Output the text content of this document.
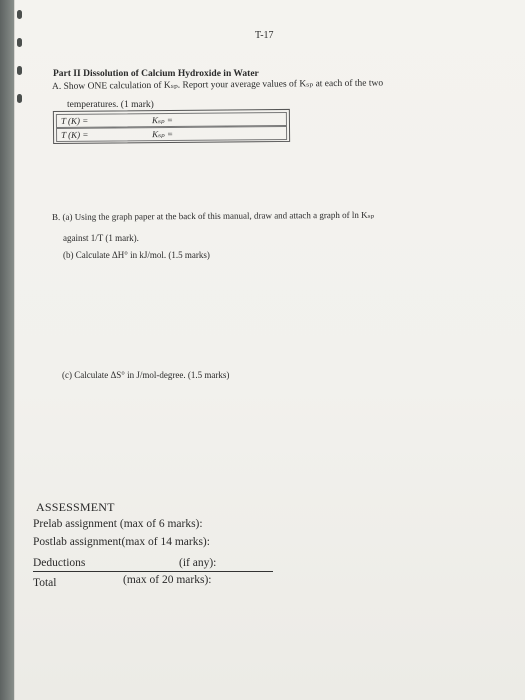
T-17
Part II Dissolution of Calcium Hydroxide in Water
A. Show ONE calculation of Kₛₚ. Report your average values of Kₛₚ at each of the two
temperatures. (1 mark)
T (K) =	Kₛₚ =
T (K) =	Kₛₚ =
B. (a) Using the graph paper at the back of this manual, draw and attach a graph of ln Kₛₚ
against 1/T (1 mark).
(b) Calculate ΔH° in kJ/mol. (1.5 marks)
(c) Calculate ΔS° in J/mol-degree. (1.5 marks)
ASSESSMENT
Prelab assignment (max of 6 marks):
Postlab assignment(max of 14 marks):
Deductions	(if any):
Total	(max of 20 marks):
